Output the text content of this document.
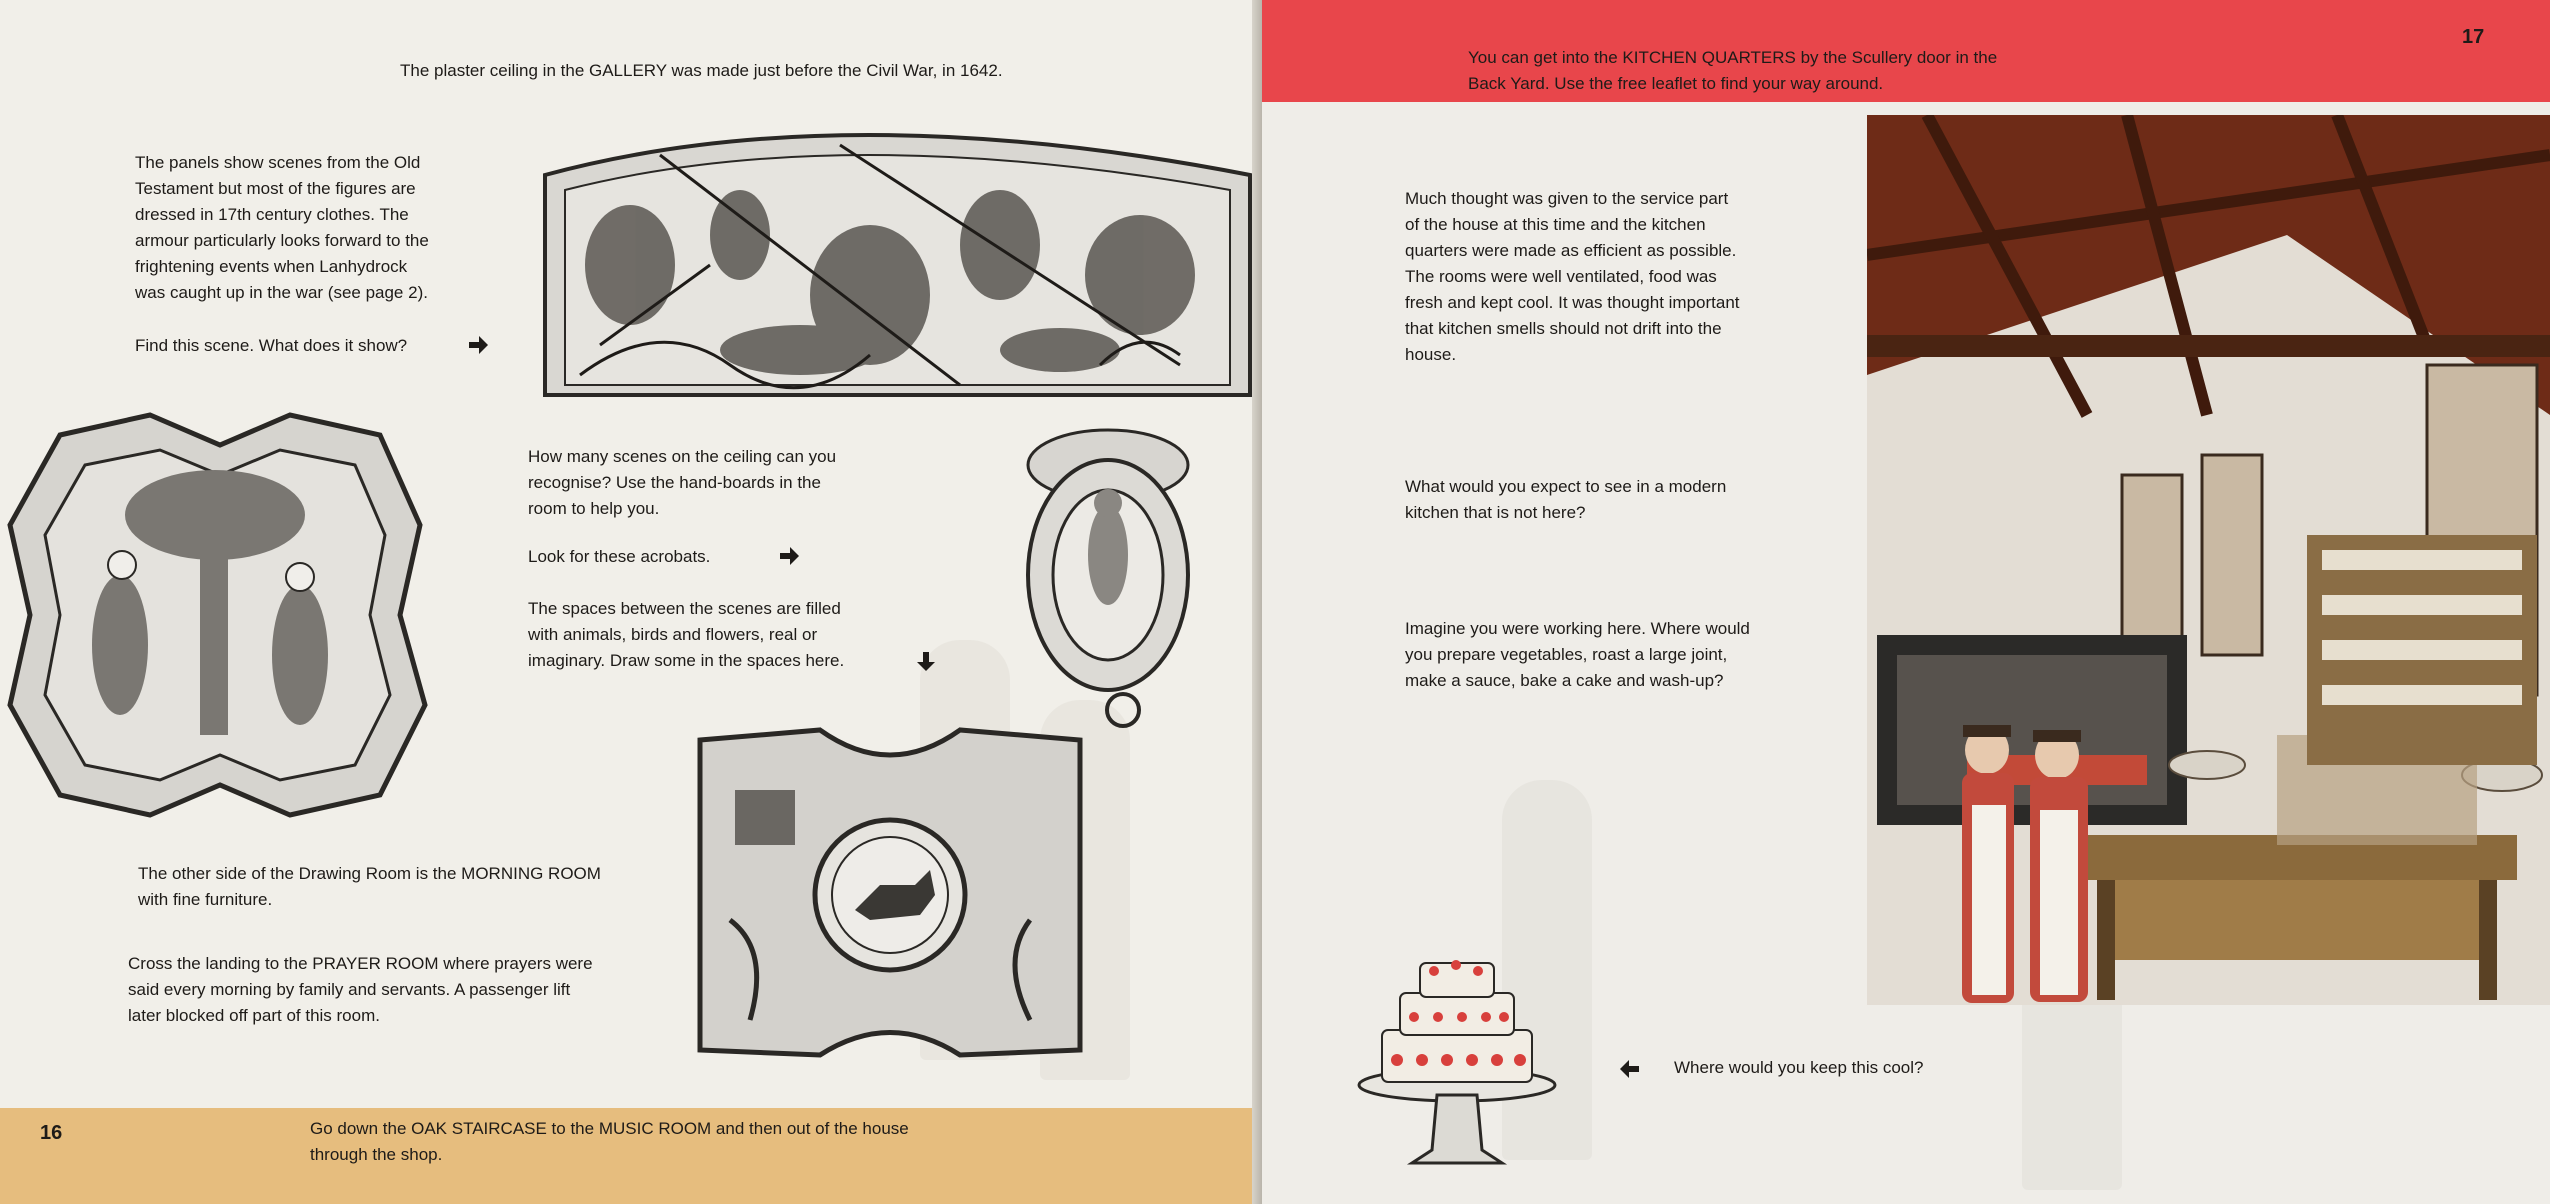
The plaster ceiling in the GALLERY was made just before the Civil War, in 1642.

The panels show scenes from the Old

Testament but most of the figures are

dressed in 17th century clothes. The

armour particularly looks forward to the

frightening events when Lanhydrock

was caught up in the war (see page 2).

Find this scene. What does it show?

How many scenes on the ceiling can you

recognise? Use the hand-boards in the

room to help you.

Look for these acrobats.

The spaces between the scenes are filled

with animals, birds and flowers, real or

imaginary. Draw some in the spaces here.

The other side of the Drawing Room is the MORNING ROOM

with fine furniture.

Cross the landing to the PRAYER ROOM where prayers were

said every morning by family and servants. A passenger lift

later blocked off part of this room.

16	Go down the OAK STAIRCASE to the MUSIC ROOM and then out of the house

through the shop.

You can get into the KITCHEN QUARTERS by the Scullery door in the

Back Yard. Use the free leaflet to find your way around.

17

Much thought was given to the service part

of the house at this time and the kitchen

quarters were made as efficient as possible.

The rooms were well ventilated, food was

fresh and kept cool. It was thought important

that kitchen smells should not drift into the

house.

What would you expect to see in a modern

kitchen that is not here?

Imagine you were working here. Where would

you prepare vegetables, roast a large joint,

make a sauce, bake a cake and wash-up?

Where would you keep this cool?
